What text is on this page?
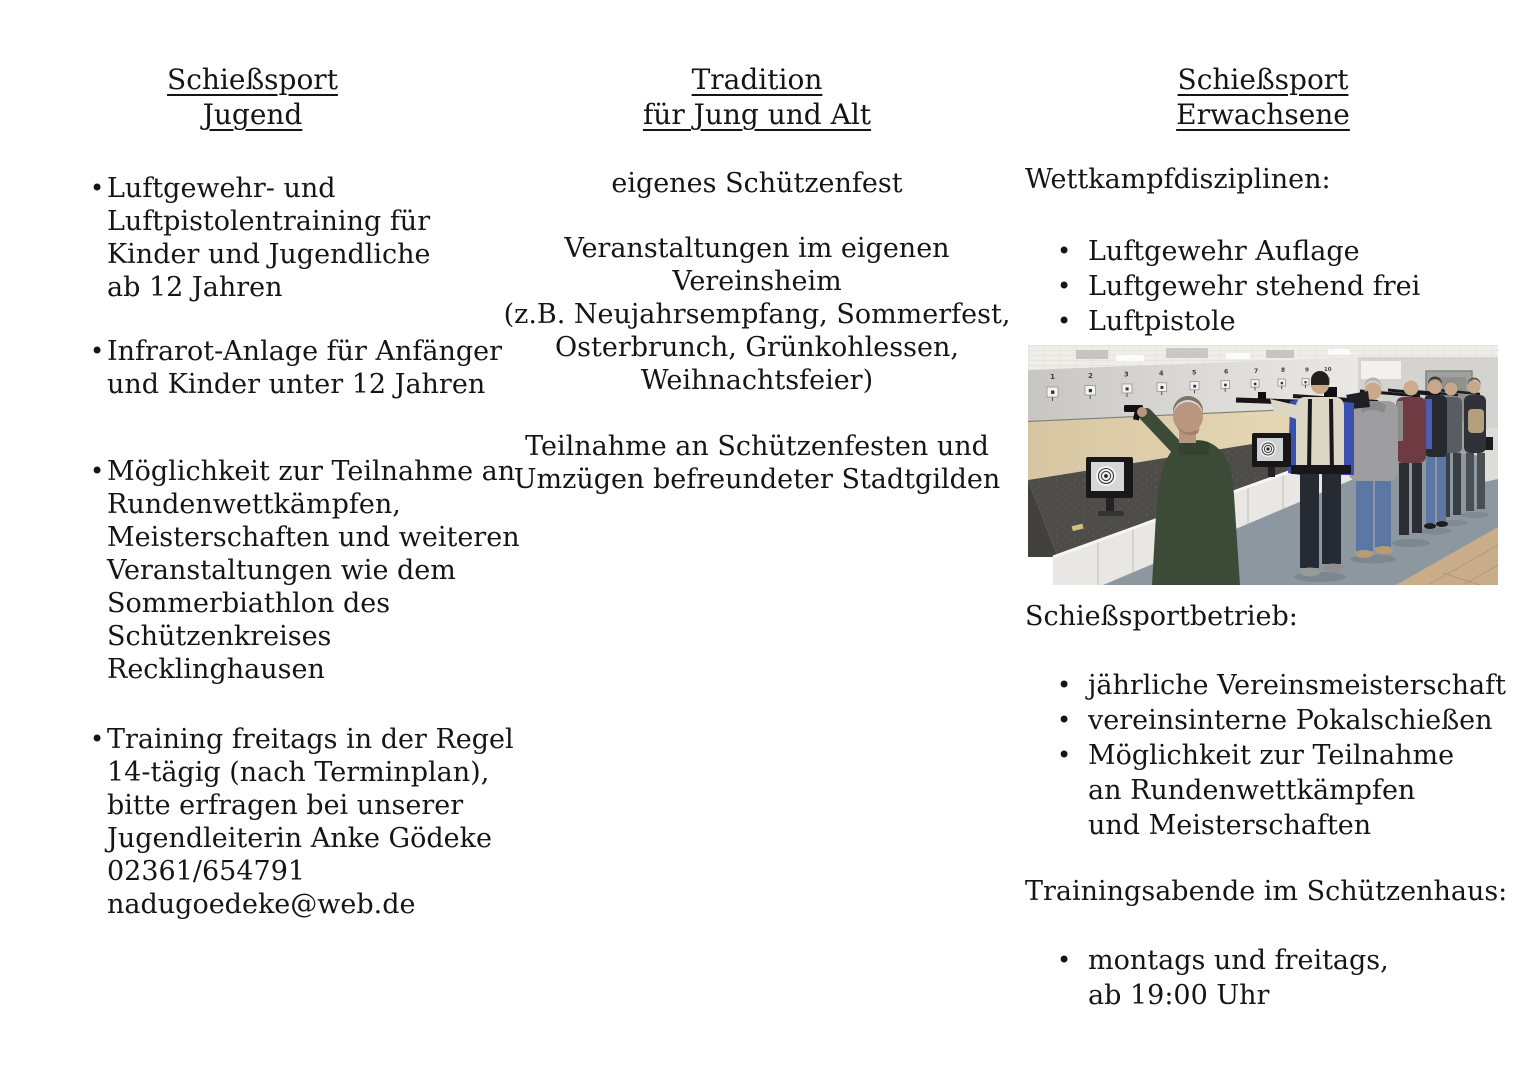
Schießsport
Jugend
• Luftgewehr- und
Luftpistolentraining für
Kinder und Jugendliche
ab 12 Jahren
• Infrarot-Anlage für Anfänger
und Kinder unter 12 Jahren
• Möglichkeit zur Teilnahme an
Rundenwettkämpfen,
Meisterschaften und weiteren
Veranstaltungen wie dem
Sommerbiathlon des
Schützenkreises
Recklinghausen
• Training freitags in der Regel
14-tägig (nach Terminplan),
bitte erfragen bei unserer
Jugendleiterin Anke Gödeke
02361/654791
nadugoedeke@web.de
Tradition
für Jung und Alt
eigenes Schützenfest
Veranstaltungen im eigenen
Vereinsheim
(z.B. Neujahrsempfang, Sommerfest,
Osterbrunch, Grünkohlessen,
Weihnachtsfeier)
Teilnahme an Schützenfesten und
Umzügen befreundeter Stadtgilden
Schießsport
Erwachsene
Wettkampfdisziplinen:
• Luftgewehr Auflage
• Luftgewehr stehend frei
• Luftpistole
1	2	3	4	5	6	7	8	9	10
Schießsportbetrieb:
• jährliche Vereinsmeisterschaft
• vereinsinterne Pokalschießen
• Möglichkeit zur Teilnahme
an Rundenwettkämpfen
und Meisterschaften
Trainingsabende im Schützenhaus:
• montags und freitags,
ab 19:00 Uhr
